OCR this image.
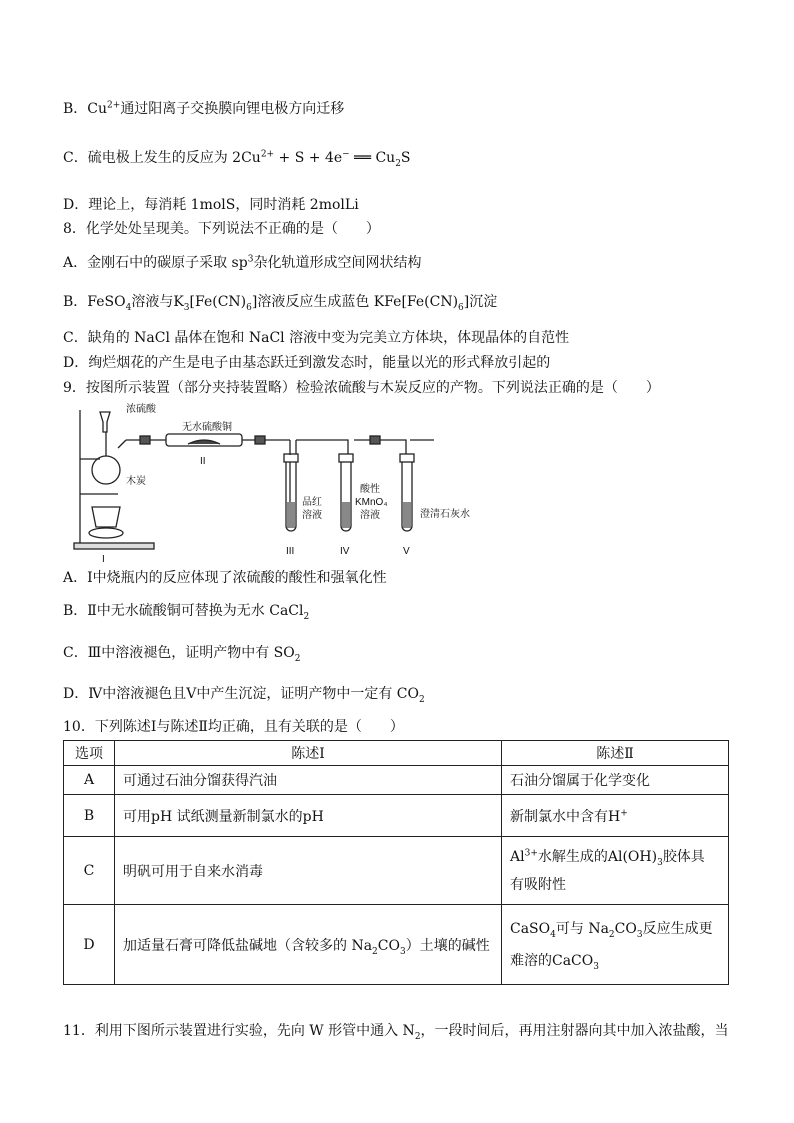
B．$Cu^{2+}$通过阳离子交换膜向锂电极方向迁移
C．硫电极上发生的反应为 $2Cu^{2+} + S + 4e^-$ ══ $Cu_2S$
D．理论上，每消耗 1molS，同时消耗 2molLi
8．化学处处呈现美。下列说法不正确的是（　　）
A．金刚石中的碳原子采取 $sp^3$杂化轨道形成空间网状结构
B．FeSO$_4$溶液与$K_3[Fe(CN)_6]$溶液反应生成蓝色 $KFe[Fe(CN)_6]$沉淀
C．缺角的 NaCl 晶体在饱和 NaCl 溶液中变为完美立方体块，体现晶体的自范性
D．绚烂烟花的产生是电子由基态跃迁到激发态时，能量以光的形式释放引起的
9．按图所示装置（部分夹持装置略）检验浓硫酸与木炭反应的产物。下列说法正确的是（　　）
浓硫酸
无水硫酸铜
II
木炭
I
品红
溶液
III
酸性
KMnO₄
溶液
IV
澄清石灰水
V
A．Ⅰ中烧瓶内的反应体现了浓硫酸的酸性和强氧化性
B．Ⅱ中无水硫酸铜可替换为无水 CaCl$_2$
C．Ⅲ中溶液褪色，证明产物中有 $SO_2$
D．Ⅳ中溶液褪色且Ⅴ中产生沉淀，证明产物中一定有 $CO_2$
10．下列陈述Ⅰ与陈述Ⅱ均正确，且有关联的是（　　）
选项	陈述Ⅰ	陈述Ⅱ
A	可通过石油分馏获得汽油	石油分馏属于化学变化
B	可用pH 试纸测量新制氯水的pH	新制氯水中含有H+
C	明矾可用于自来水消毒	$Al^{3+}$水解生成的$Al(OH)_3$胶体具
有吸附性
D	加适量石膏可降低盐碱地（含较多的 $Na_2CO_3$）土壤的碱性	CaSO$_4$可与 $Na_2CO_3$反应生成更
难溶的CaCO$_3$
11．利用下图所示装置进行实验，先向 W 形管中通入 $N_2$，一段时间后，再用注射器向其中加入浓盐酸，当
